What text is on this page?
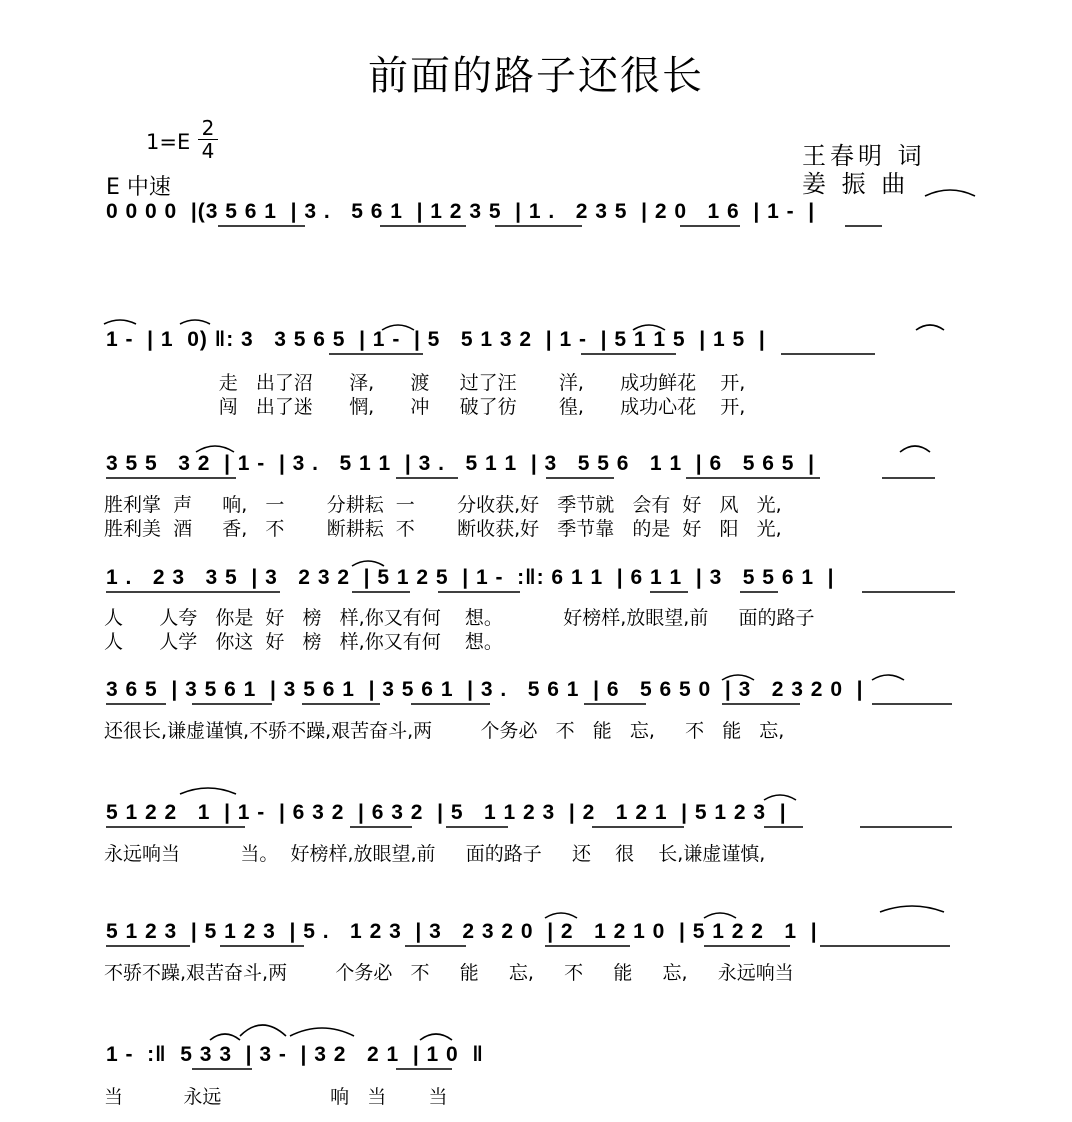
前面的路子还很长
1=E
2
4
E 中速
王春明 词
姜 振 曲
0 0 0 0  |(3 5 6 1  | 3 .   5 6 1  | 1 2 3 5  | 1 .   2 3 5  | 2 0   1 6  | 1 -  |
1 -  | 1  0) ‖: 3   3 5 6 5  | 1 -  | 5   5 1 3 2  | 1 -  | 5 1 1 5  | 1 5  |
走   出了沼      泽,      渡     过了汪       洋,      成功鲜花    开,
闯   出了迷      惘,      冲     破了彷       徨,      成功心花    开,
3 5 5   3 2  | 1 -  | 3 .   5 1 1  | 3 .   5 1 1  | 3   5 5 6   1 1  | 6   5 6 5  |
胜利掌  声     响,   一       分耕耘  一       分收获,好   季节就   会有  好   风   光,
胜利美  酒     香,   不       断耕耘  不       断收获,好   季节靠   的是  好   阳   光,
1 .   2 3   3 5  | 3   2 3 2  | 5 1 2 5  | 1 -  :‖: 6 1 1  | 6 1 1  | 3   5 5 6 1  |
人      人夸   你是  好   榜   样,你又有何    想。          好榜样,放眼望,前     面的路子
人      人学   你这  好   榜   样,你又有何    想。
3 6 5  | 3 5 6 1  | 3 5 6 1  | 3 5 6 1  | 3 .   5 6 1  | 6   5 6 5 0  | 3   2 3 2 0  |
还很长,谦虚谨慎,不骄不躁,艰苦奋斗,两        个务必   不   能   忘,     不   能   忘,
5 1 2 2   1  | 1 -  | 6 3 2  | 6 3 2  | 5   1 1 2 3  | 2   1 2 1  | 5 1 2 3  |
永远响当          当。  好榜样,放眼望,前     面的路子     还    很    长,谦虚谨慎,
5 1 2 3  | 5 1 2 3  | 5 .   1 2 3  | 3   2 3 2 0  | 2   1 2 1 0  | 5 1 2 2   1  |
不骄不躁,艰苦奋斗,两        个务必   不     能     忘,     不     能     忘,     永远响当
1 -  :‖  5 3 3  | 3 -  | 3 2   2 1  | 1 0  ‖
当          永远                  响   当       当
